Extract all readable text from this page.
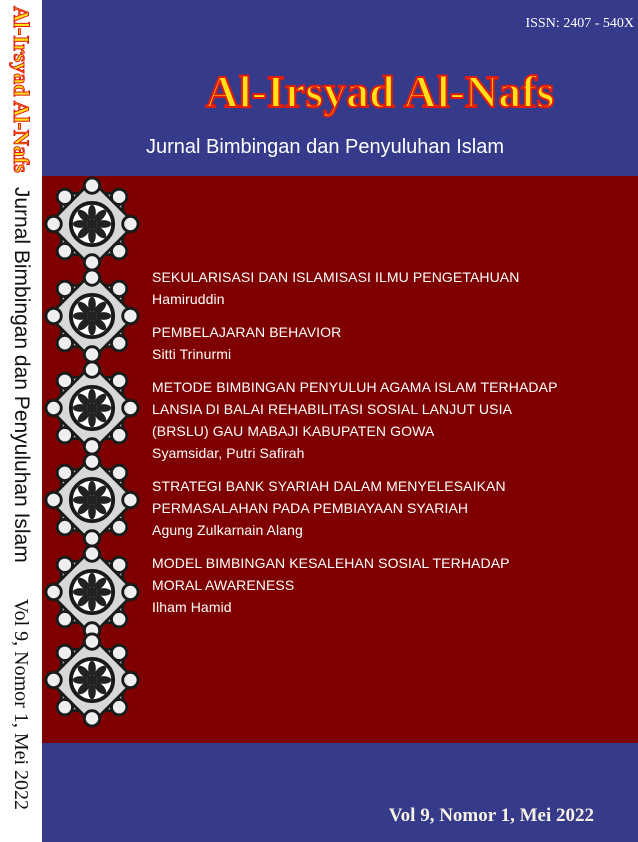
Al-Irsyad Al-Nafs
Jurnal Bimbingan dan Penyuluhan Islam
Vol 9, Nomor 1, Mei 2022
ISSN: 2407 - 540X
Al-Irsyad Al-Nafs
Jurnal Bimbingan dan Penyuluhan Islam
SEKULARISASI DAN ISLAMISASI ILMU PENGETAHUAN
Hamiruddin
PEMBELAJARAN BEHAVIOR
Sitti Trinurmi
METODE BIMBINGAN PENYULUH AGAMA ISLAM TERHADAP
LANSIA DI BALAI REHABILITASI SOSIAL LANJUT USIA
(BRSLU) GAU MABAJI KABUPATEN GOWA
Syamsidar, Putri Safirah
STRATEGI BANK SYARIAH DALAM MENYELESAIKAN
PERMASALAHAN PADA PEMBIAYAAN SYARIAH
Agung Zulkarnain Alang
MODEL BIMBINGAN KESALEHAN SOSIAL TERHADAP
MORAL AWARENESS
Ilham Hamid
Vol 9, Nomor 1, Mei 2022
